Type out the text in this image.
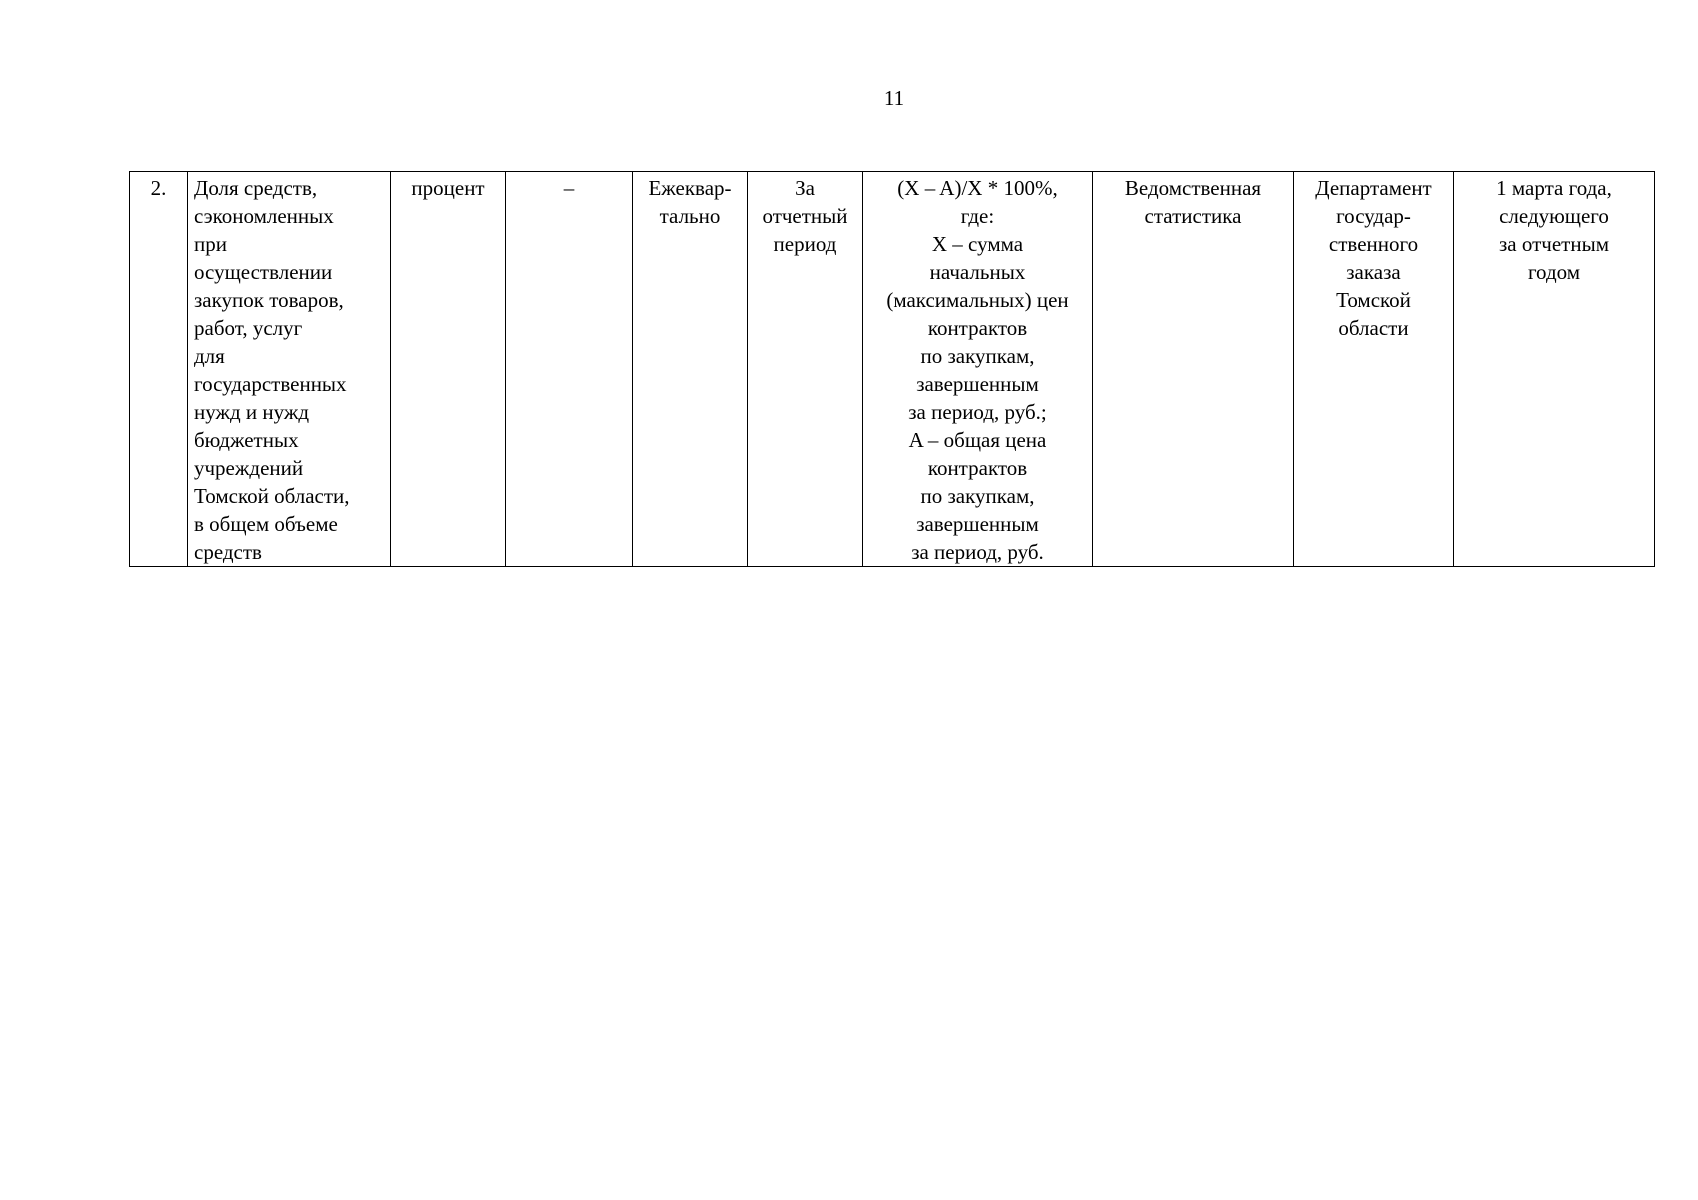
11
2.	Доля средств,
сэкономленных
при
осуществлении
закупок товаров,
работ, услуг
для
государственных
нужд и нужд
бюджетных
учреждений
Томской области,
в общем объеме
средств	процент	–	Ежеквар-
тально	За
отчетный
период	(X – A)/X * 100%,
где:
X – сумма
начальных
(максимальных) цен
контрактов
по закупкам,
завершенным
за период, руб.;
A – общая цена
контрактов
по закупкам,
завершенным
за период, руб.	Ведомственная
статистика	Департамент
государ-
ственного
заказа
Томской
области	1 марта года,
следующего
за отчетным
годом
